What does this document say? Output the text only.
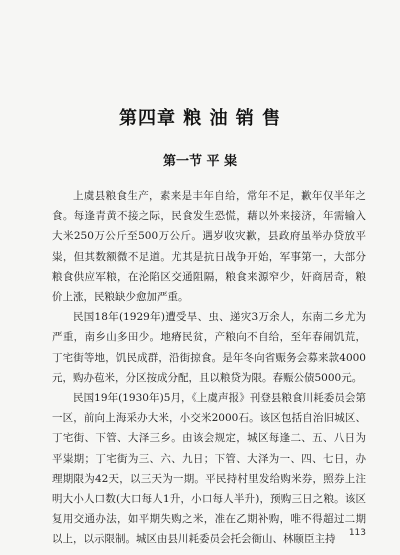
第四章 粮 油 销 售
第一节 平 粜

上虞县粮食生产，素来是丰年自给，常年不足，歉年仅半年之食。每逢青黄不接之际，民食发生恐慌，藉以外来接济，年需输入大米250万公斤至500万公斤。遇岁收灾歉，县政府虽举办贷放平粜，但其数额微不足道。尤其是抗日战争开始，军事第一，大部分粮食供应军粮，在沦陷区交通阻隔，粮食来源窄少，奸商居奇，粮价上涨，民粮缺少愈加严重。

民国18年(1929年)遭受旱、虫、递灾3万余人，东南二乡尤为严重，南乡山多田少。地瘠民贫，产粮向不自给，至年春闹饥荒，丁宅街等地，饥民成群，沿街掠食。是年冬向省赈务会募来款4000元，购办苞米，分区按成分配，且以粮贷为限。春赈公债5000元。

民国19年(1930年)5月，《上虞声报》刊登县粮食川耗委员会第一区，前向上海采办大米，小交米2000石。该区包括自治旧城区、丁宅街、下管、大泽三乡。由该会规定，城区每逢二、五、八日为平粜期；丁宅街为三、六、九日；下管、大泽为一、四、七日，办理期限为42天，以三天为一期。平民持村里发给购米券，照券上注明大小人口数(大口每人1升，小口每人半升)，预购三日之粮。该区复用交通办法，如平期失购之米，准在乙期补购，唯不得超过二期以上，以示限制。城区由县川耗委员会托会衙山、林颐臣主持

113
